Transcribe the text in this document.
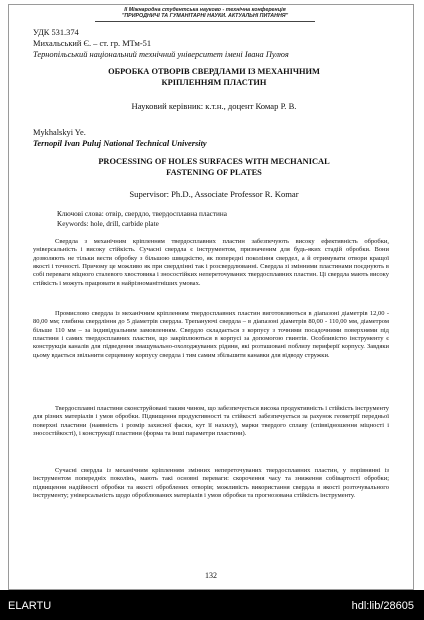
ІІ Міжнародна студентська науково - технічна конференція
"ПРИРОДНИЧІ ТА ГУМАНІТАРНІ НАУКИ. АКТУАЛЬНІ ПИТАННЯ"
УДК 531.374
Михальський Є. – ст. гр. МТм-51
Тернопільський національний технічний університет імені Івана Пулюя
ОБРОБКА ОТВОРІВ СВЕРДЛАМИ ІЗ МЕХАНІЧНИМ
КРІПЛЕННЯМ ПЛАСТИН
Науковий керівник: к.т.н., доцент Комар Р. В.
Mykhalskyi Ye.
Ternopil Ivan Puluj National Technical University
PROCESSING OF HOLES SURFACES WITH MECHANICAL
FASTENING OF PLATES
Supervisor: Ph.D., Associate Professor R. Komar
Ключові слова: отвір, свердло, твердосплавна пластина
Keywords: hole, drill, carbide plate

Свердла з механічним кріпленням твердосплавних пластин забезпечують високу ефективність обробки, універсальність і високу стійкість. Сучасні свердла є інструментом, призначеним для будь-яких стадій обробки. Вони дозволяють не тільки вести обробку з більшою швидкістю, як попередні покоління свердел, а й отримувати отвори кращої якості і точності. Причому це можливо як при свердлінні так і розсвердлюванні. Свердла зі змінними пластинами поєднують в собі переваги міцного сталевого хвостовика і зносостійких непереточуваних твердосплавних пластин. Ці свердла мають високу стійкість і можуть працювати в найрізноманітніших умовах.

Промислово свердла із механічним кріпленням твердосплавних пластин виготовляються в діапазоні діаметрів 12,00 - 80,00 мм; глибина свердління до 5 діаметрів свердла. Трепануючі свердла – в діапазоні діаметрів 80,00 - 110,00 мм, діаметром більше 110 мм – за індивідуальним замовленням. Свердло складається з корпусу з точними посадочними поверхнями під пластини і самих твердосплавних пластин, що закріплюються в корпусі за допомогою гвинтів. Особливістю інструменту є конструкція каналів для підведення змащувально-охолоджуваних рідини, які розташовані поблизу периферії корпусу. Завдяки цьому вдається звільнити серцевину корпусу свердла і тим самим збільшити канавки для відводу стружки.

Твердосплавні пластини сконструйовані таким чином, що забезпечується висока продуктивність і стійкість інструменту для різних матеріалів і умов обробки. Підвищення продуктивності та стійкості забезпечується за рахунок геометрії передньої поверхні пластини (наявність і розмір захисної фаски, кут її нахилу), марки твердого сплаву (співвідношення міцності і зносостійкості), і конструкції пластини (форма та інші параметри пластини).

Сучасні свердла із механічним кріпленням змінних непереточуваних твердосплавних пластин, у порівнянні із інструментом попередніх поколінь, мають такі основні переваги: скорочення часу та зниження собівартості обробки; підвищення надійності обробки та якості оброблених отворів; можливість використання свердла в якості розточувального інструменту; універсальність щодо оброблюваних матеріалів і умов обробки та прогнозована стійкість інструменту.

132
ELARTU	hdl:lib/28605
